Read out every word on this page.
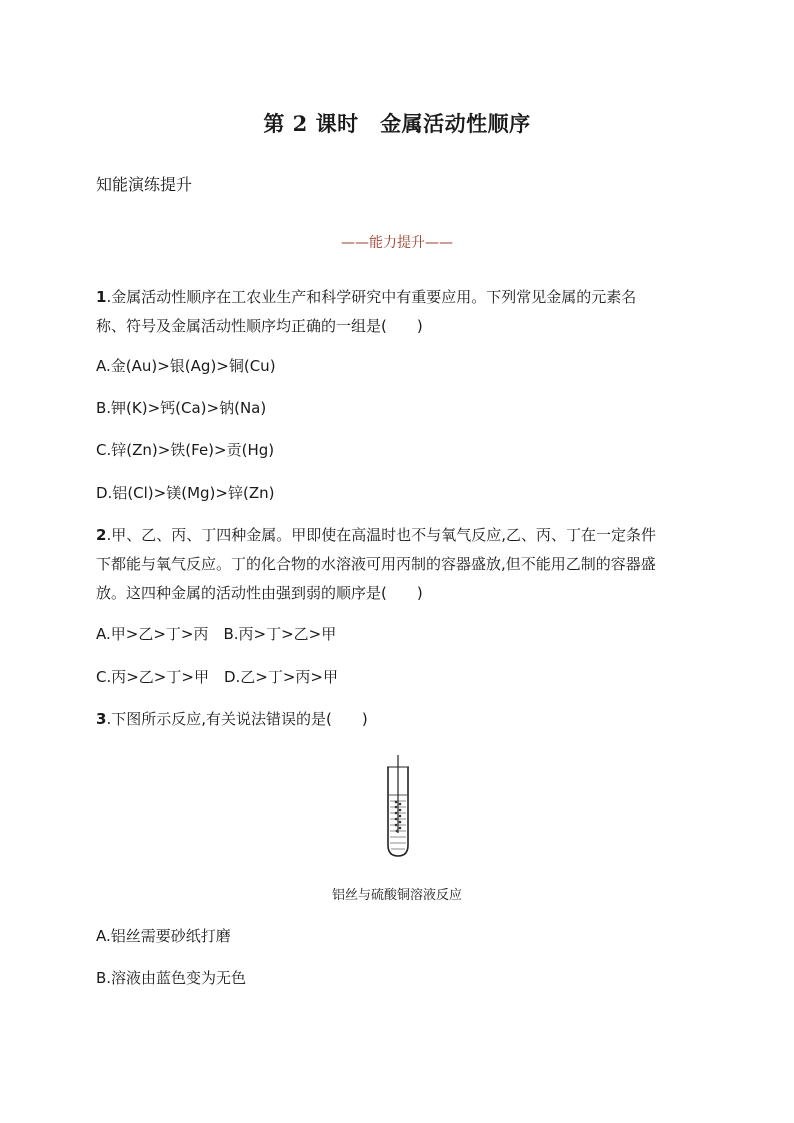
第 2 课时　金属活动性顺序
知能演练提升
——能力提升——
1.金属活动性顺序在工农业生产和科学研究中有重要应用。下列常见金属的元素名
称、符号及金属活动性顺序均正确的一组是(　　)
A.金(Au)>银(Ag)>铜(Cu)
B.钾(K)>钙(Ca)>钠(Na)
C.锌(Zn)>铁(Fe)>贡(Hg)
D.铝(Cl)>镁(Mg)>锌(Zn)
2.甲、乙、丙、丁四种金属。甲即使在高温时也不与氧气反应,乙、丙、丁在一定条件
下都能与氧气反应。丁的化合物的水溶液可用丙制的容器盛放,但不能用乙制的容器盛
放。这四种金属的活动性由强到弱的顺序是(　　)
A.甲>乙>丁>丙　B.丙>丁>乙>甲
C.丙>乙>丁>甲　D.乙>丁>丙>甲
3.下图所示反应,有关说法错误的是(　　)
铝丝与硫酸铜溶液反应
A.铝丝需要砂纸打磨
B.溶液由蓝色变为无色
